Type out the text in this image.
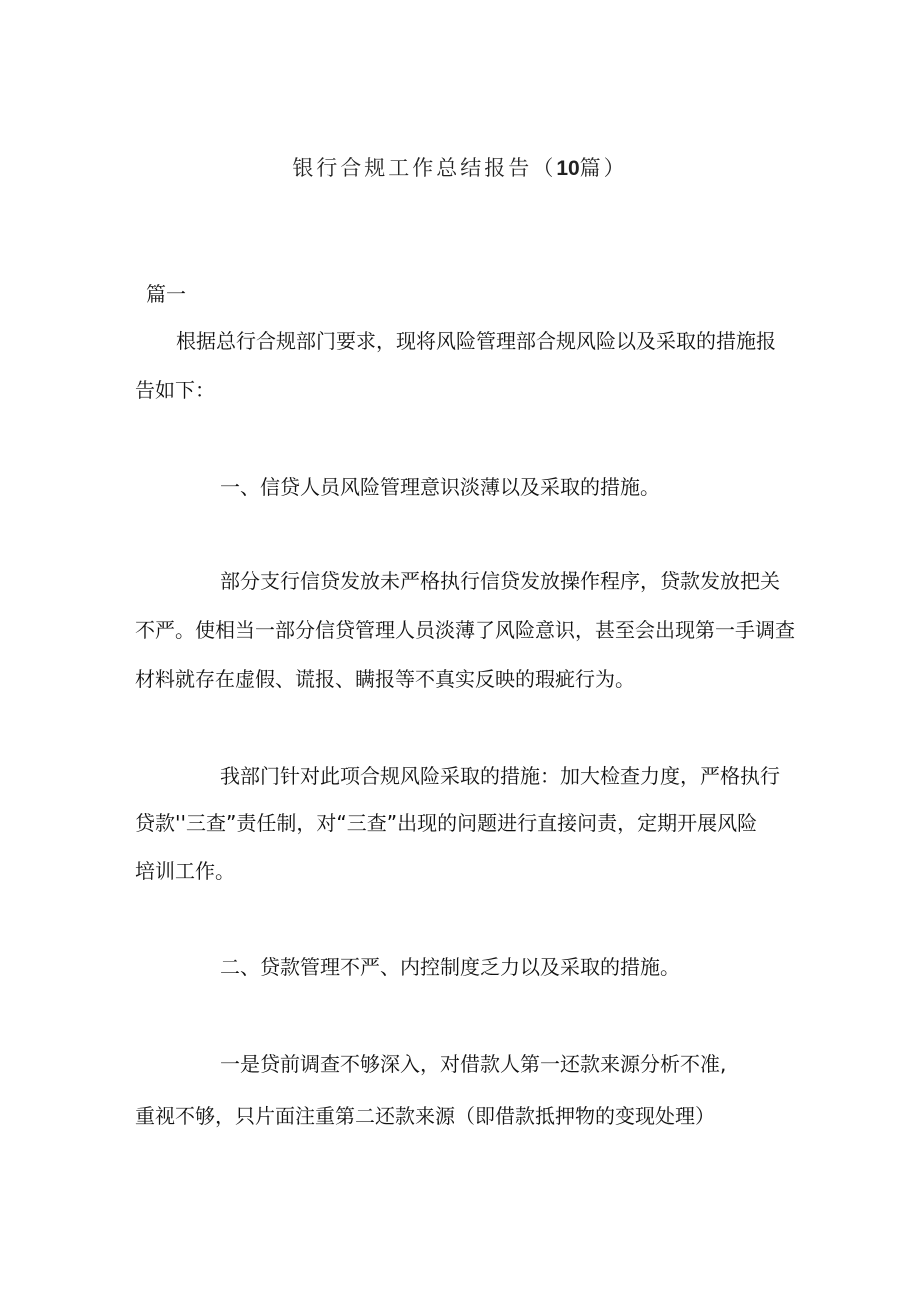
银行合规工作总结报告（10篇）
篇一
根据总行合规部门要求，现将风险管理部合规风险以及采取的措施报
告如下：
一、信贷人员风险管理意识淡薄以及采取的措施。
部分支行信贷发放未严格执行信贷发放操作程序，贷款发放把关
不严。使相当一部分信贷管理人员淡薄了风险意识，甚至会出现第一手调查
材料就存在虚假、谎报、瞒报等不真实反映的瑕疵行为。
我部门针对此项合规风险采取的措施：加大检查力度，严格执行
贷款''三查”责任制，对“三查”出现的问题进行直接问责，定期开展风险
培训工作。
二、贷款管理不严、内控制度乏力以及采取的措施。
一是贷前调查不够深入，对借款人第一还款来源分析不准,
重视不够，只片面注重第二还款来源（即借款抵押物的变现处理）
